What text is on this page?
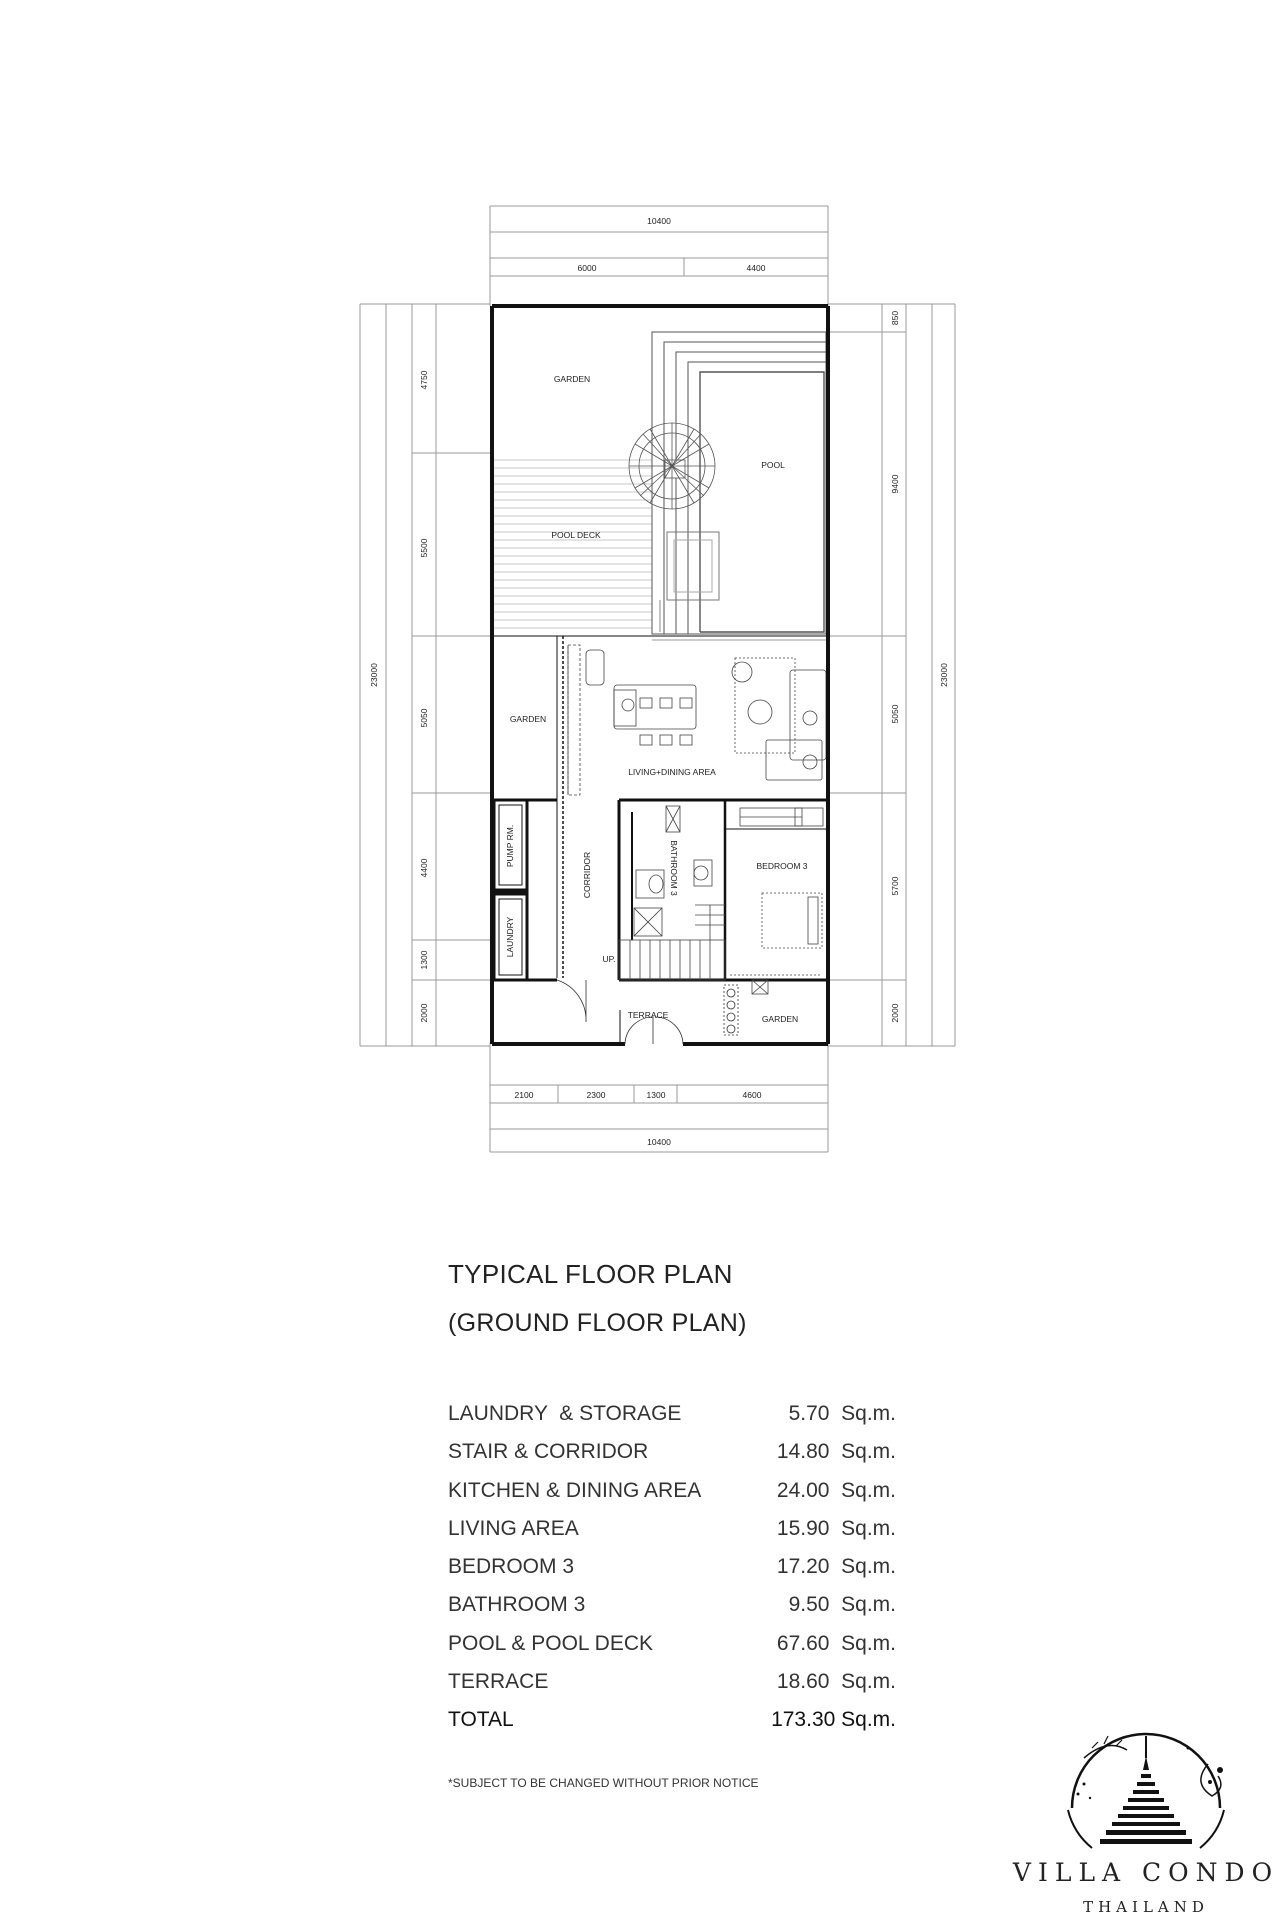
10400
6000	4400
2100	2300	1300	4600
10400
23000
4750
5500
5050
4400
1300
2000
23000
850
9400
5050
5700
2000
GARDEN
POOL
POOL DECK
GARDEN
LIVING+DINING AREA
PUMP RM.
LAUNDRY
CORRIDOR	BATHROOM 3	BEDROOM 3
UP.
TERRACE	GARDEN
TYPICAL FLOOR PLAN
(GROUND FLOOR PLAN)
LAUNDRY  & STORAGE	5.70  Sq.m.
STAIR & CORRIDOR	14.80  Sq.m.
KITCHEN & DINING AREA	24.00  Sq.m.
LIVING AREA	15.90  Sq.m.
BEDROOM 3	17.20  Sq.m.
BATHROOM 3	9.50  Sq.m.
POOL & POOL DECK	67.60  Sq.m.
TERRACE	18.60  Sq.m.
TOTAL	173.30 Sq.m.
*SUBJECT TO BE CHANGED WITHOUT PRIOR NOTICE
VILLA CONDO
THAILAND
